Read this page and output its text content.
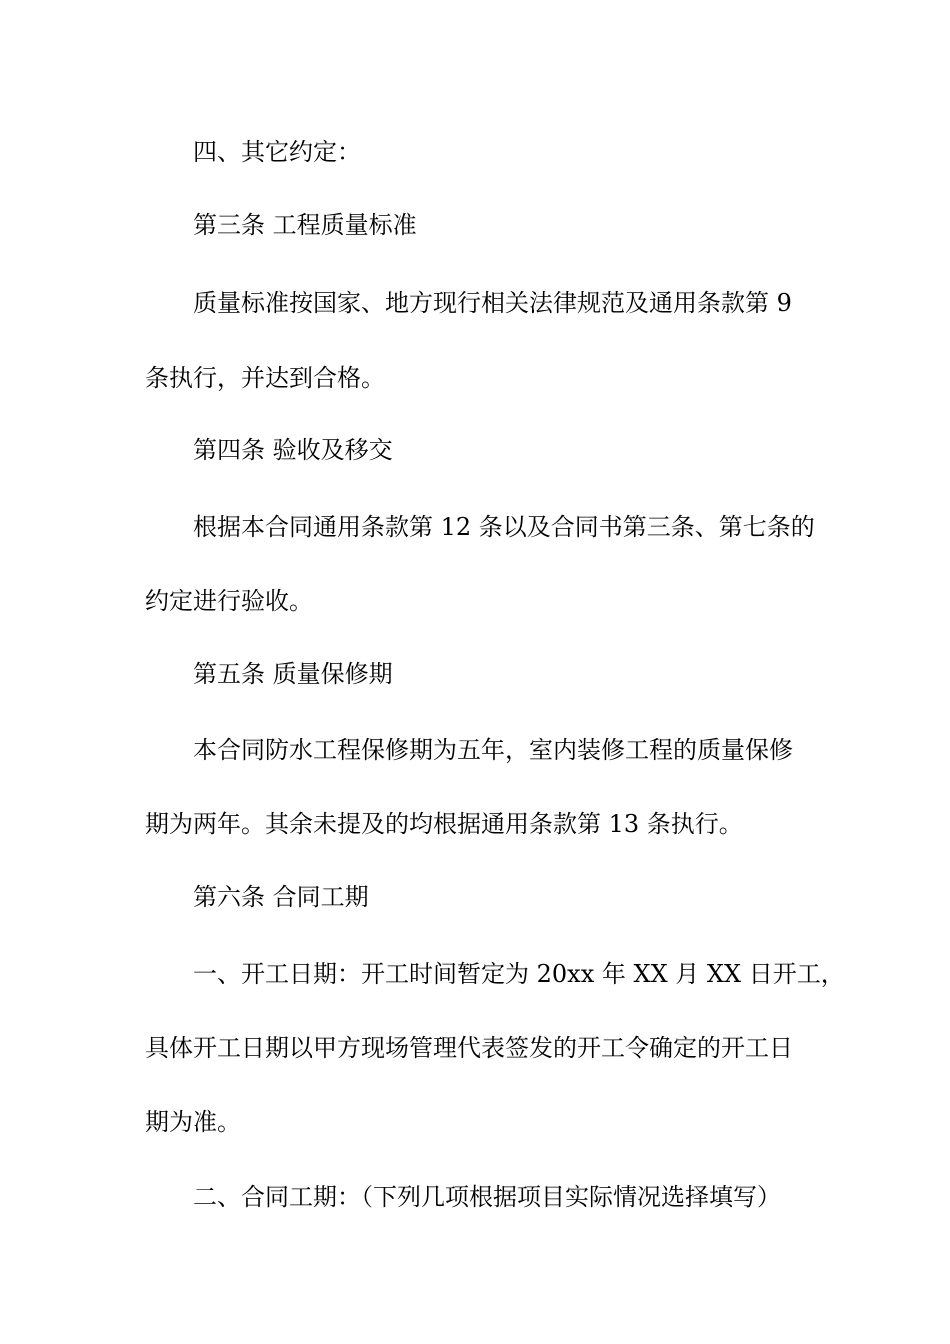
四、其它约定：

第三条 工程质量标准

质量标准按国家、地方现行相关法律规范及通用条款第 9

条执行，并达到合格。

第四条 验收及移交

根据本合同通用条款第 12 条以及合同书第三条、第七条的

约定进行验收。

第五条 质量保修期

本合同防水工程保修期为五年，室内装修工程的质量保修

期为两年。其余未提及的均根据通用条款第 13 条执行。

第六条 合同工期

一、开工日期：开工时间暂定为 20xx 年 XX 月 XX 日开工，

具体开工日期以甲方现场管理代表签发的开工令确定的开工日

期为准。

二、合同工期：（下列几项根据项目实际情况选择填写）
